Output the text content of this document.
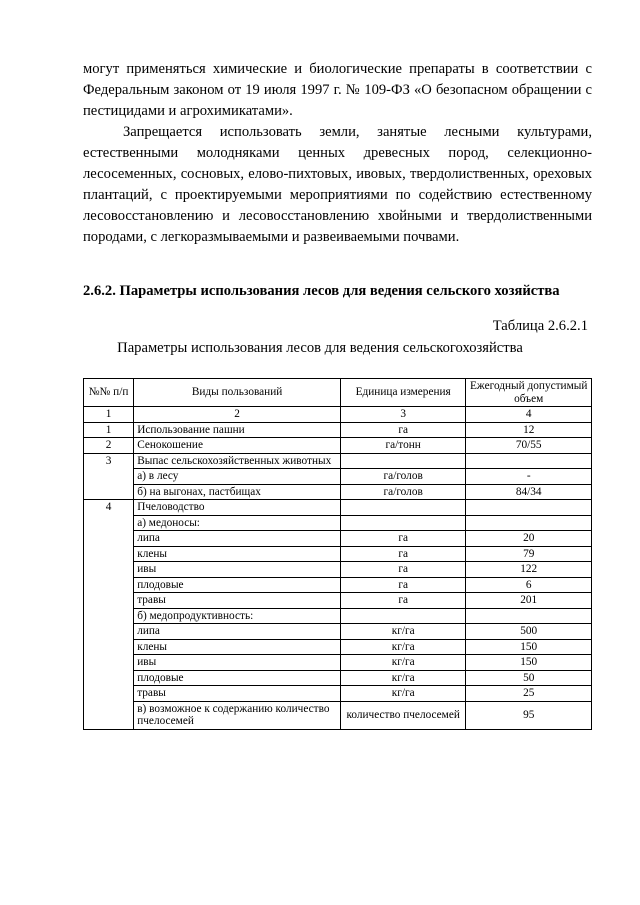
могут применяться химические и биологические препараты в соответствии с Федеральным законом от 19 июля 1997 г. № 109-ФЗ «О безопасном обращении с пестицидами и агрохимикатами».

Запрещается использовать земли, занятые лесными культурами, естественными молодняками ценных древесных пород, селекционно-лесосеменных, сосновых, елово-пихтовых, ивовых, твердолиственных, ореховых плантаций, с проектируемыми мероприятиями по содействию естественному лесовосстановлению и лесовосстановлению хвойными и твердолиственными породами, с легкоразмываемыми и развеиваемыми почвами.

2.6.2. Параметры использования лесов для ведения сельского хозяйства

Таблица 2.6.2.1

Параметры использования лесов для ведения сельскогохозяйства

№№ п/п	Виды пользований	Единица измерения	Ежегодный допустимый объем
1	2	3	4
1	Использование пашни	га	12
2	Сенокошение	га/тонн	70/55
3	Выпас сельскохозяйственных животных		
	а) в лесу	га/голов	-
	б) на выгонах, пастбищах	га/голов	84/34
4	Пчеловодство		
	а) медоносы:		
	липа	га	20
	клены	га	79
	ивы	га	122
	плодовые	га	6
	травы	га	201
	б) медопродуктивность:		
	липа	кг/га	500
	клены	кг/га	150
	ивы	кг/га	150
	плодовые	кг/га	50
	травы	кг/га	25
	в) возможное к содержанию количество пчелосемей	количество пчелосемей	95
